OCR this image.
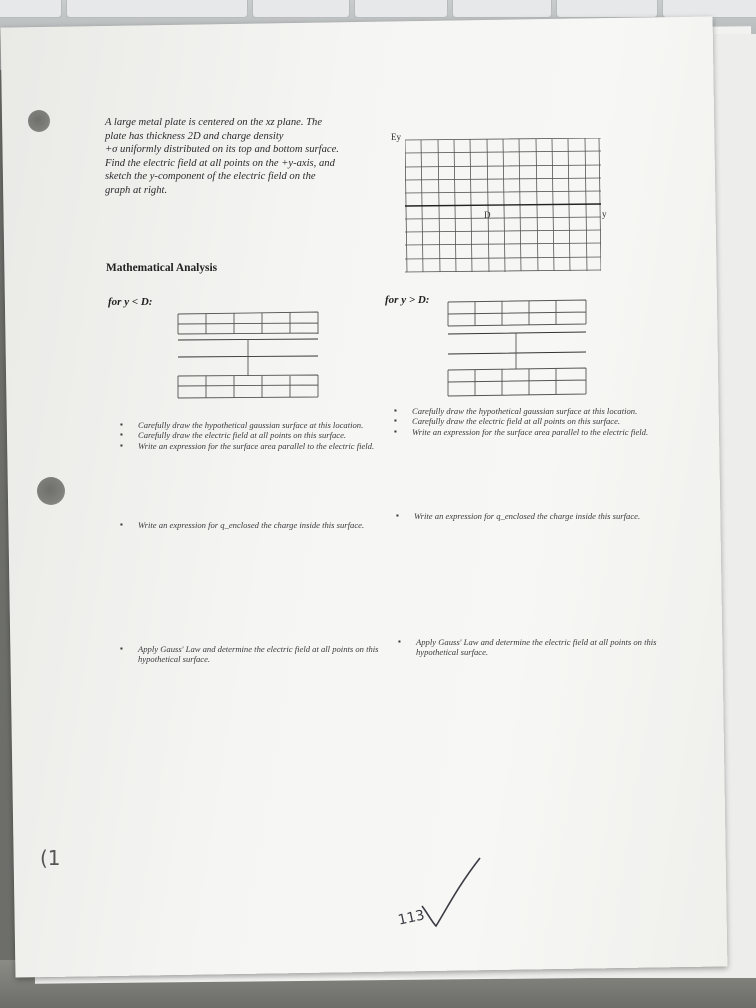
A large metal plate is centered on the xz plane. The
plate has thickness 2D and charge density
+σ uniformly distributed on its top and bottom surface.
Find the electric field at all points on the +y-axis, and
sketch the y-component of the electric field on the
graph at right.
Ey
D	y
Mathematical Analysis
for y < D:	for y > D:
▪ Carefully draw the hypothetical gaussian surface at this location.
▪ Carefully draw the electric field at all points on this surface.
▪ Write an expression for the surface area parallel to the electric field.
▪ Carefully draw the hypothetical gaussian surface at this location.
▪ Carefully draw the electric field at all points on this surface.
▪ Write an expression for the surface area parallel to the electric field.
▪ Write an expression for q_enclosed the charge inside this surface.
▪ Write an expression for q_enclosed the charge inside this surface.
▪ Apply Gauss' Law and determine the electric field at all points on this hypothetical surface.
▪ Apply Gauss' Law and determine the electric field at all points on this hypothetical surface.
(1
113
